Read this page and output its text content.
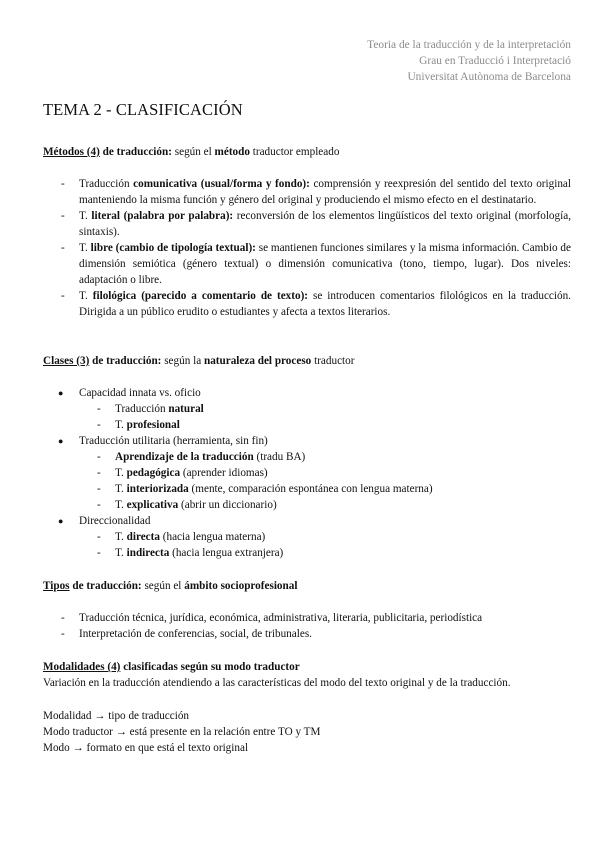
Teoria de la traducción y de la interpretación
Grau en Traducció i Interpretació
Universitat Autònoma de Barcelona
TEMA 2 - CLASIFICACIÓN
Métodos (4) de traducción: según el método traductor empleado
- Traducción comunicativa (usual/forma y fondo): comprensión y reexpresión del sentido del texto original manteniendo la misma función y género del original y produciendo el mismo efecto en el destinatario.
- T. literal (palabra por palabra): reconversión de los elementos lingüísticos del texto original (morfología, sintaxis).
- T. libre (cambio de tipología textual): se mantienen funciones similares y la misma información. Cambio de dimensión semiótica (género textual) o dimensión comunicativa (tono, tiempo, lugar). Dos niveles: adaptación o libre.
- T. filológica (parecido a comentario de texto): se introducen comentarios filológicos en la traducción. Dirigida a un público erudito o estudiantes y afecta a textos literarios.
Clases (3) de traducción: según la naturaleza del proceso traductor
● Capacidad innata vs. oficio
- Traducción natural
- T. profesional
● Traducción utilitaria (herramienta, sin fin)
- Aprendizaje de la traducción (tradu BA)
- T. pedagógica (aprender idiomas)
- T. interiorizada (mente, comparación espontánea con lengua materna)
- T. explicativa (abrir un diccionario)
● Direccionalidad
- T. directa (hacia lengua materna)
- T. indirecta (hacia lengua extranjera)
Tipos de traducción: según el ámbito socioprofesional
- Traducción técnica, jurídica, económica, administrativa, literaria, publicitaria, periodística
- Interpretación de conferencias, social, de tribunales.
Modalidades (4) clasificadas según su modo traductor
Variación en la traducción atendiendo a las características del modo del texto original y de la traducción.
Modalidad → tipo de traducción
Modo traductor → está presente en la relación entre TO y TM
Modo → formato en que está el texto original
